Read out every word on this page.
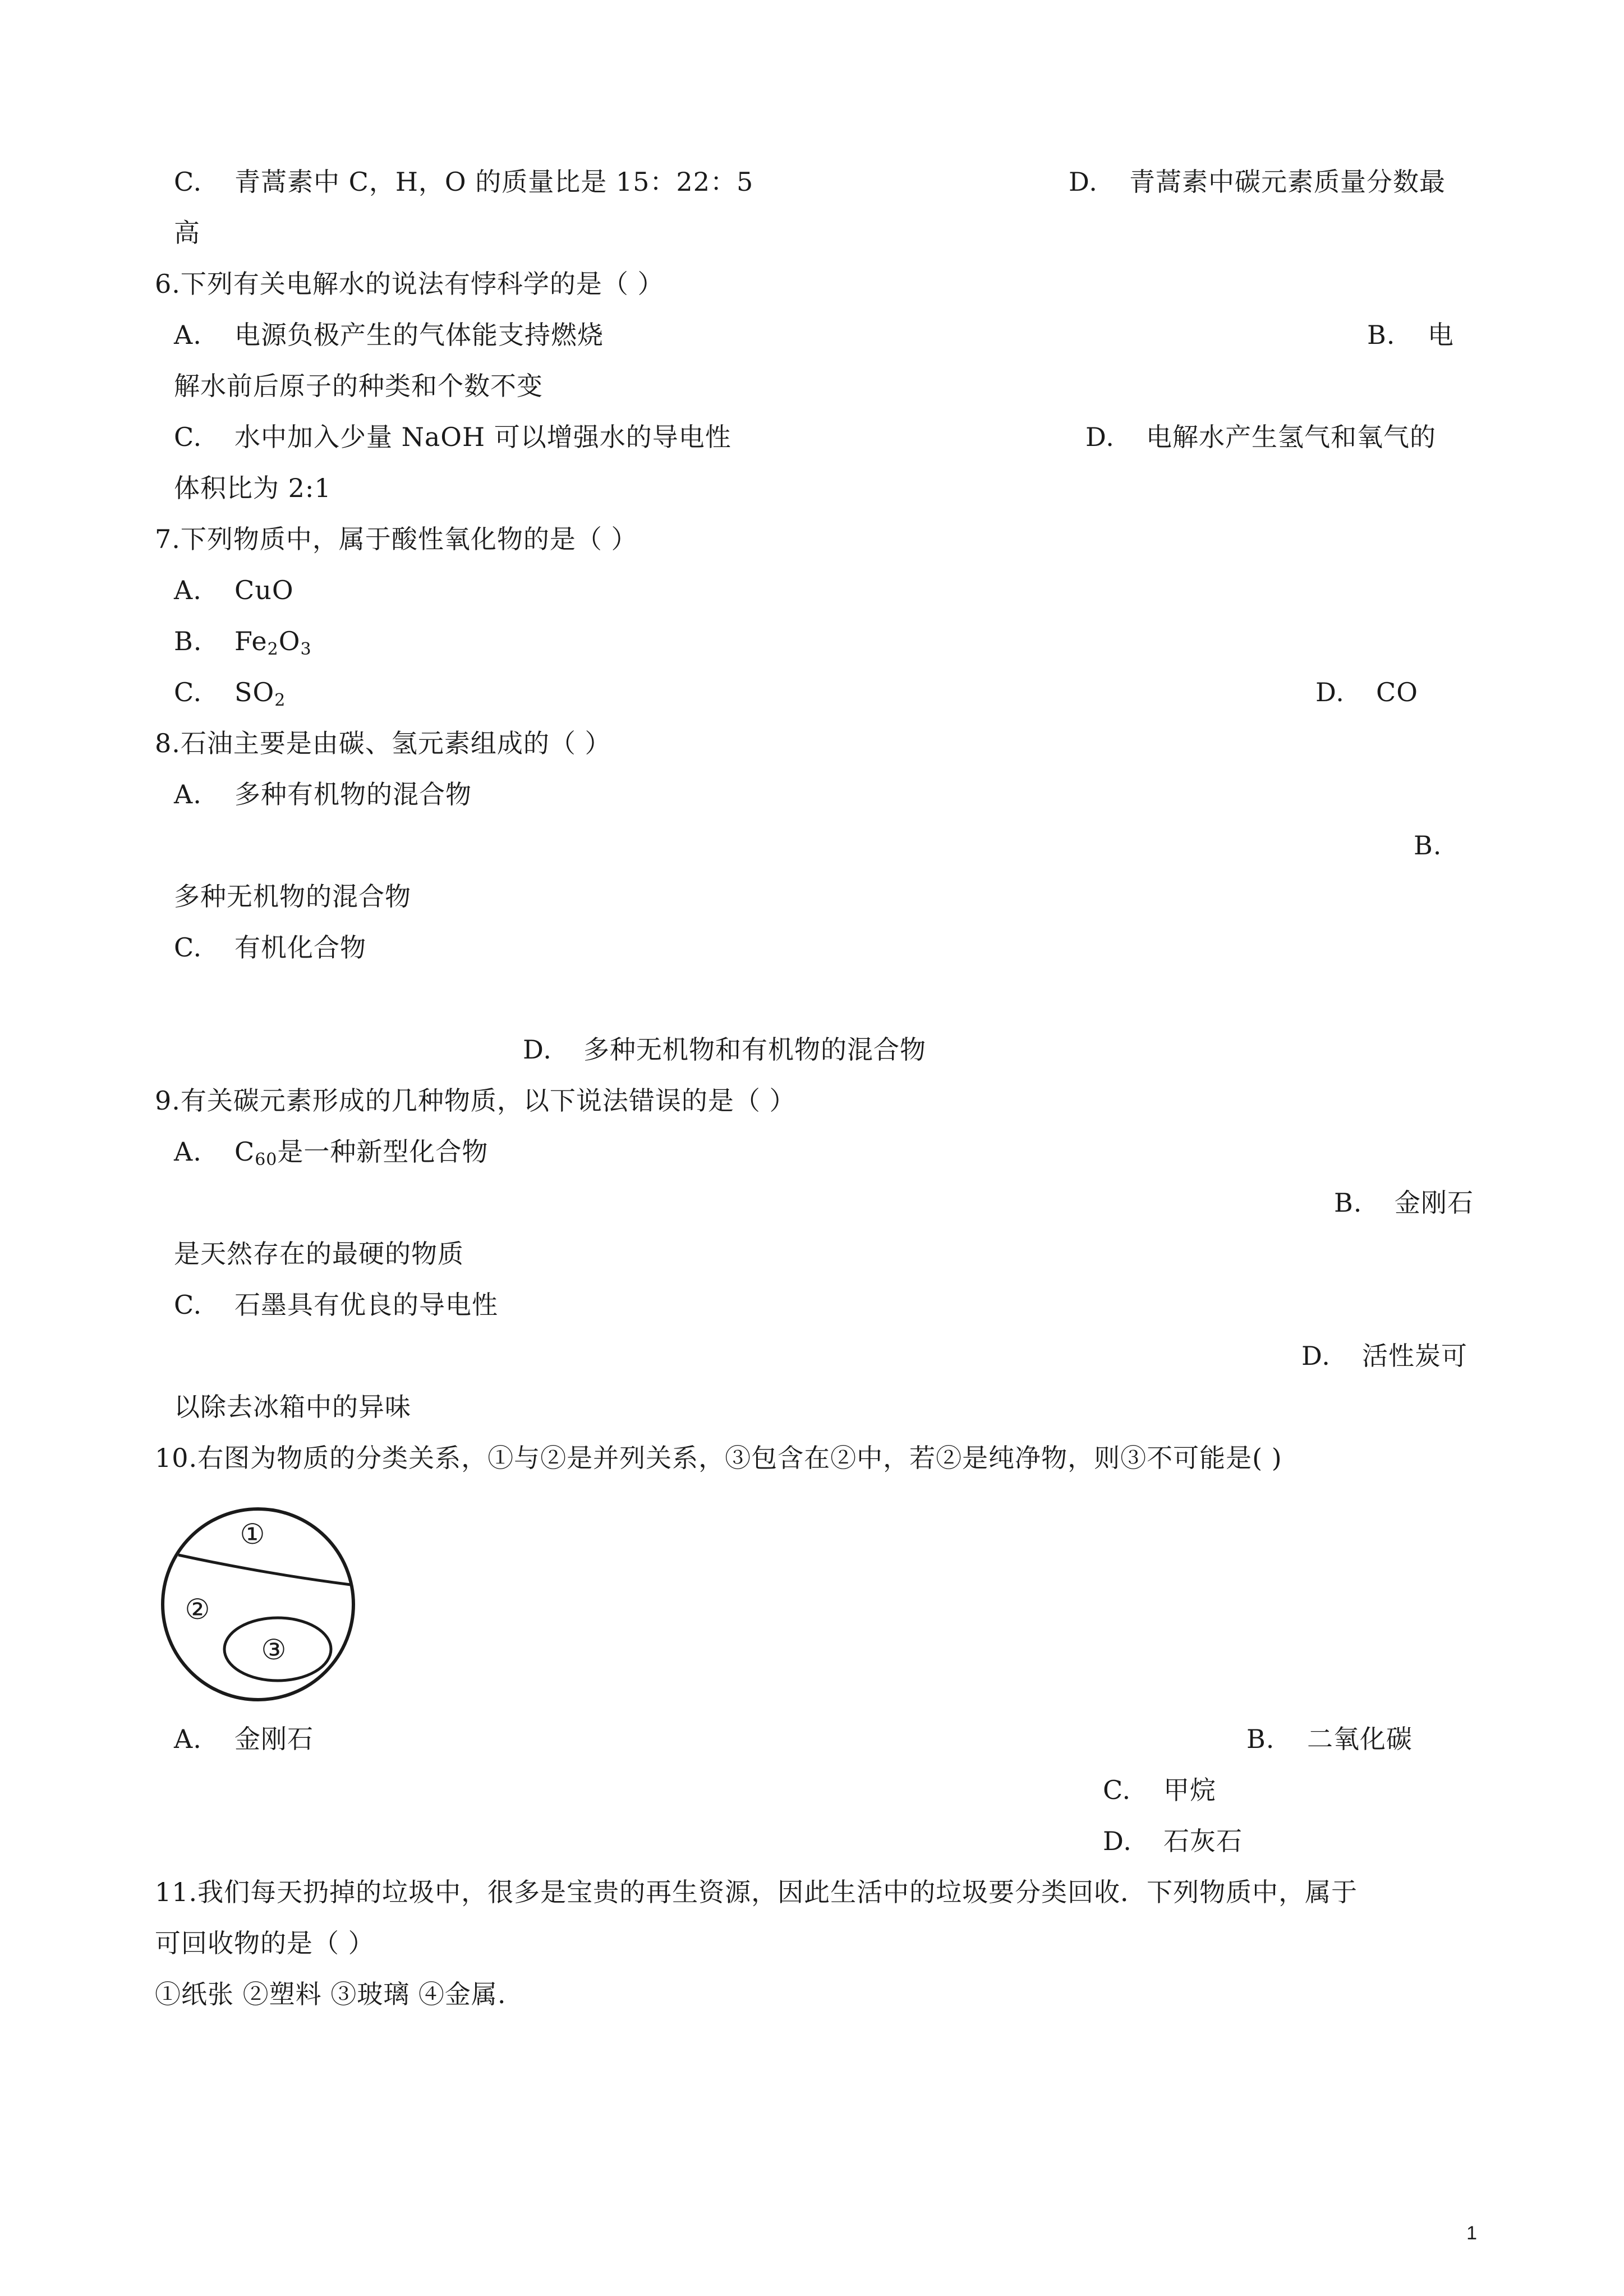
C. 青蒿素中 C，H，O 的质量比是 15：22：5	D. 青蒿素中碳元素质量分数最
高
6.下列有关电解水的说法有悖科学的是（ ）
A. 电源负极产生的气体能支持燃烧	B. 电
解水前后原子的种类和个数不变
C. 水中加入少量 NaOH 可以增强水的导电性	D. 电解水产生氢气和氧气的
体积比为 2:1
7.下列物质中，属于酸性氧化物的是（ ）
A. CuO
B. $Fe_2O_3$
C. $SO_2$	D. CO
8.石油主要是由碳、氢元素组成的（ ）
A. 多种有机物的混合物
B.
多种无机物的混合物
C. 有机化合物
D. 多种无机物和有机物的混合物
9.有关碳元素形成的几种物质，以下说法错误的是（ ）
A. $C_{60}$是一种新型化合物
B. 金刚石
是天然存在的最硬的物质
C. 石墨具有优良的导电性
D. 活性炭可
以除去冰箱中的异味
10.右图为物质的分类关系，①与②是并列关系，③包含在②中，若②是纯净物，则③不可能是( )
①
②
③
A. 金刚石	B. 二氧化碳
C. 甲烷
D. 石灰石
11.我们每天扔掉的垃圾中，很多是宝贵的再生资源，因此生活中的垃圾要分类回收．下列物质中，属于
可回收物的是（ ）
①纸张 ②塑料 ③玻璃 ④金属.
1
